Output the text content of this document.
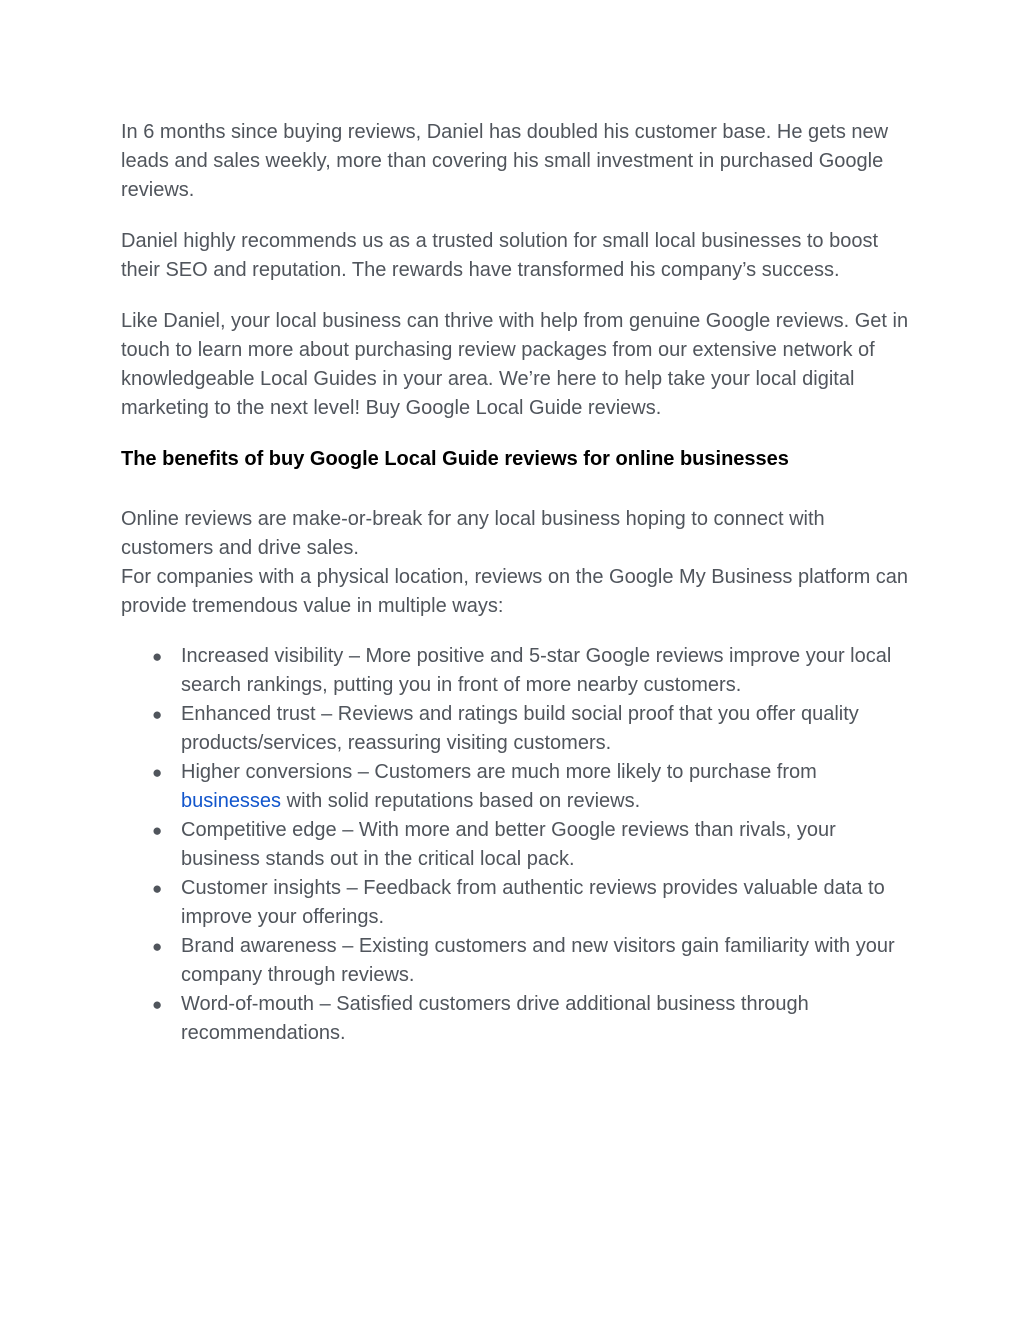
In 6 months since buying reviews, Daniel has doubled his customer base. He gets new leads and sales weekly, more than covering his small investment in purchased Google reviews.

Daniel highly recommends us as a trusted solution for small local businesses to boost their SEO and reputation. The rewards have transformed his company’s success.

Like Daniel, your local business can thrive with help from genuine Google reviews. Get in touch to learn more about purchasing review packages from our extensive network of knowledgeable Local Guides in your area. We’re here to help take your local digital marketing to the next level! Buy Google Local Guide reviews.

The benefits of buy Google Local Guide reviews for online businesses

Online reviews are make-or-break for any local business hoping to connect with customers and drive sales.
For companies with a physical location, reviews on the Google My Business platform can provide tremendous value in multiple ways:

● Increased visibility – More positive and 5-star Google reviews improve your local search rankings, putting you in front of more nearby customers.
● Enhanced trust – Reviews and ratings build social proof that you offer quality products/services, reassuring visiting customers.
● Higher conversions – Customers are much more likely to purchase from businesses with solid reputations based on reviews.
● Competitive edge – With more and better Google reviews than rivals, your business stands out in the critical local pack.
● Customer insights – Feedback from authentic reviews provides valuable data to improve your offerings.
● Brand awareness – Existing customers and new visitors gain familiarity with your company through reviews.
● Word-of-mouth – Satisfied customers drive additional business through recommendations.
